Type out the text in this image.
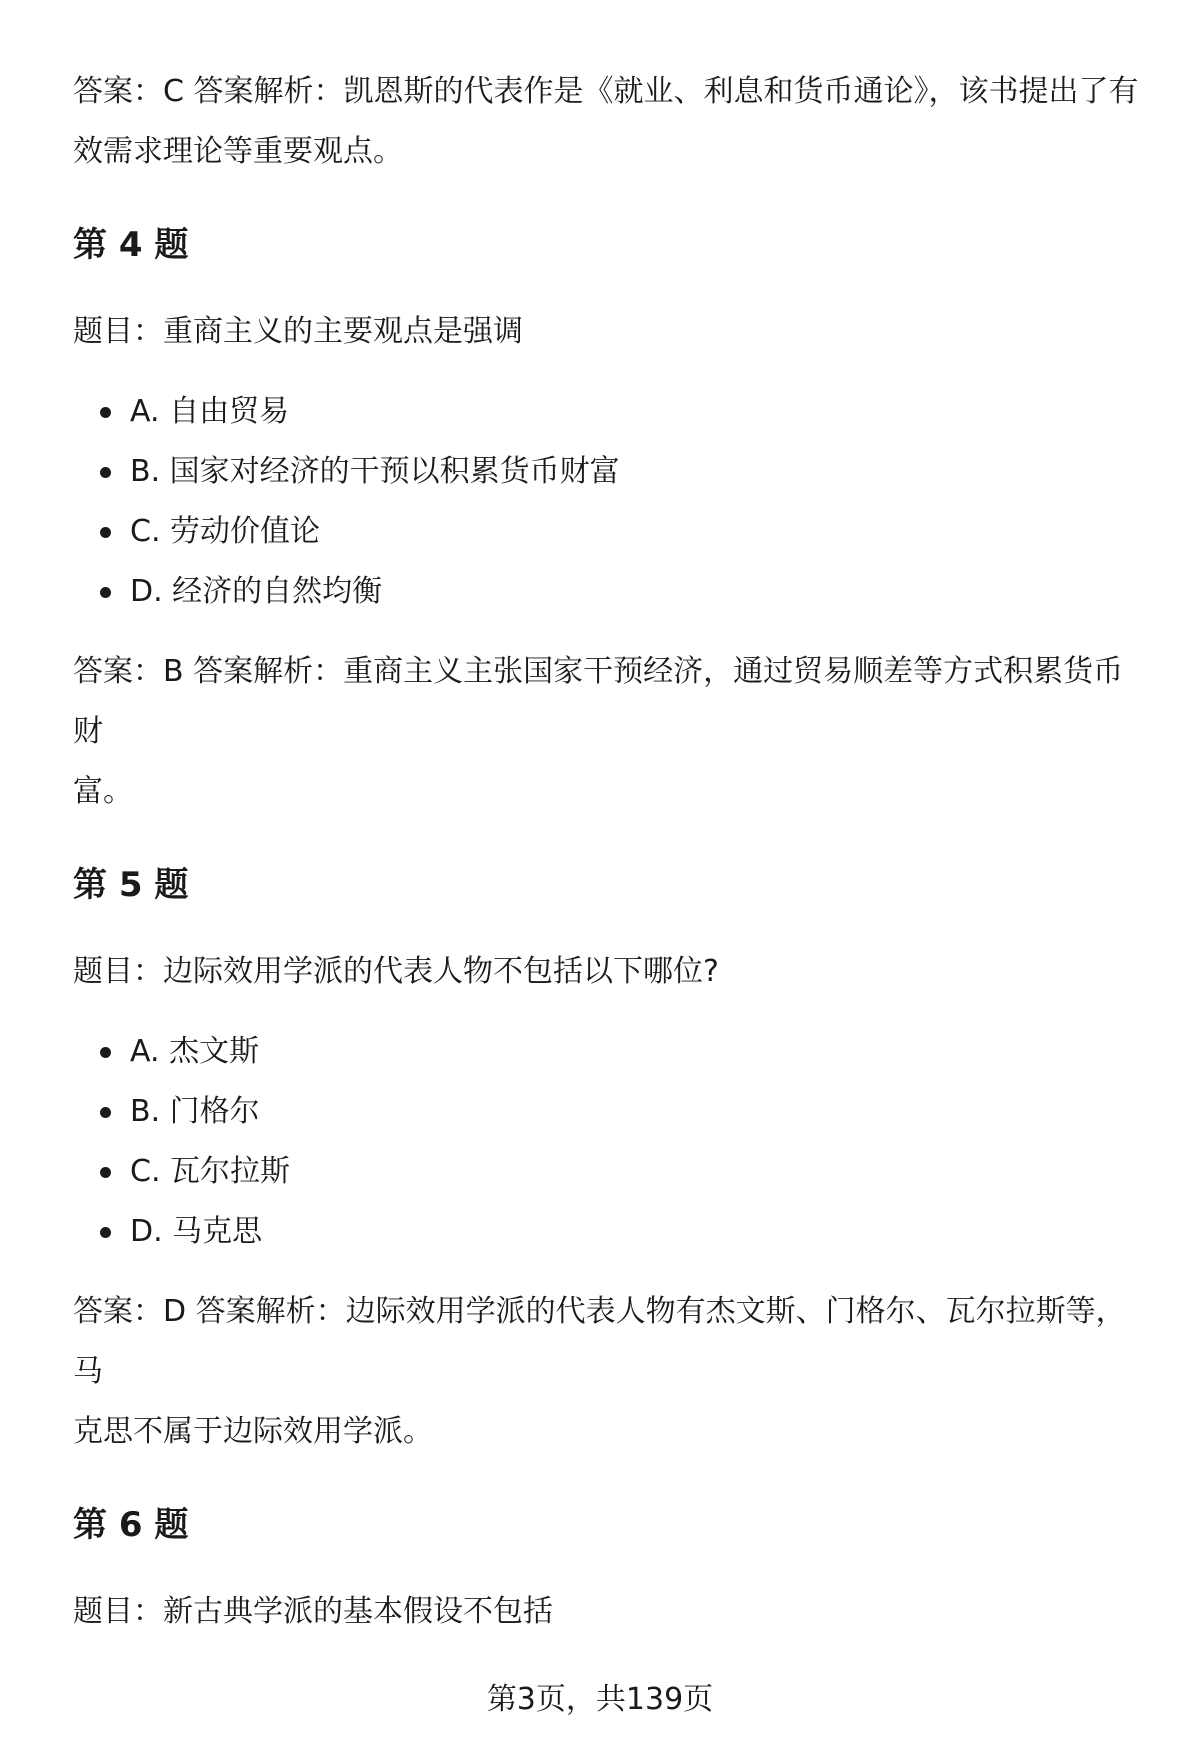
答案：C 答案解析：凯恩斯的代表作是《就业、利息和货币通论》，该书提出了有

效需求理论等重要观点。

第 4 题

题目：重商主义的主要观点是强调

A. 自由贸易
B. 国家对经济的干预以积累货币财富
C. 劳动价值论
D. 经济的自然均衡

答案：B 答案解析：重商主义主张国家干预经济，通过贸易顺差等方式积累货币财

富。

第 5 题

题目：边际效用学派的代表人物不包括以下哪位?

A. 杰文斯
B. 门格尔
C. 瓦尔拉斯
D. 马克思

答案：D 答案解析：边际效用学派的代表人物有杰文斯、门格尔、瓦尔拉斯等，马

克思不属于边际效用学派。

第 6 题

题目：新古典学派的基本假设不包括

第3页，共139页
